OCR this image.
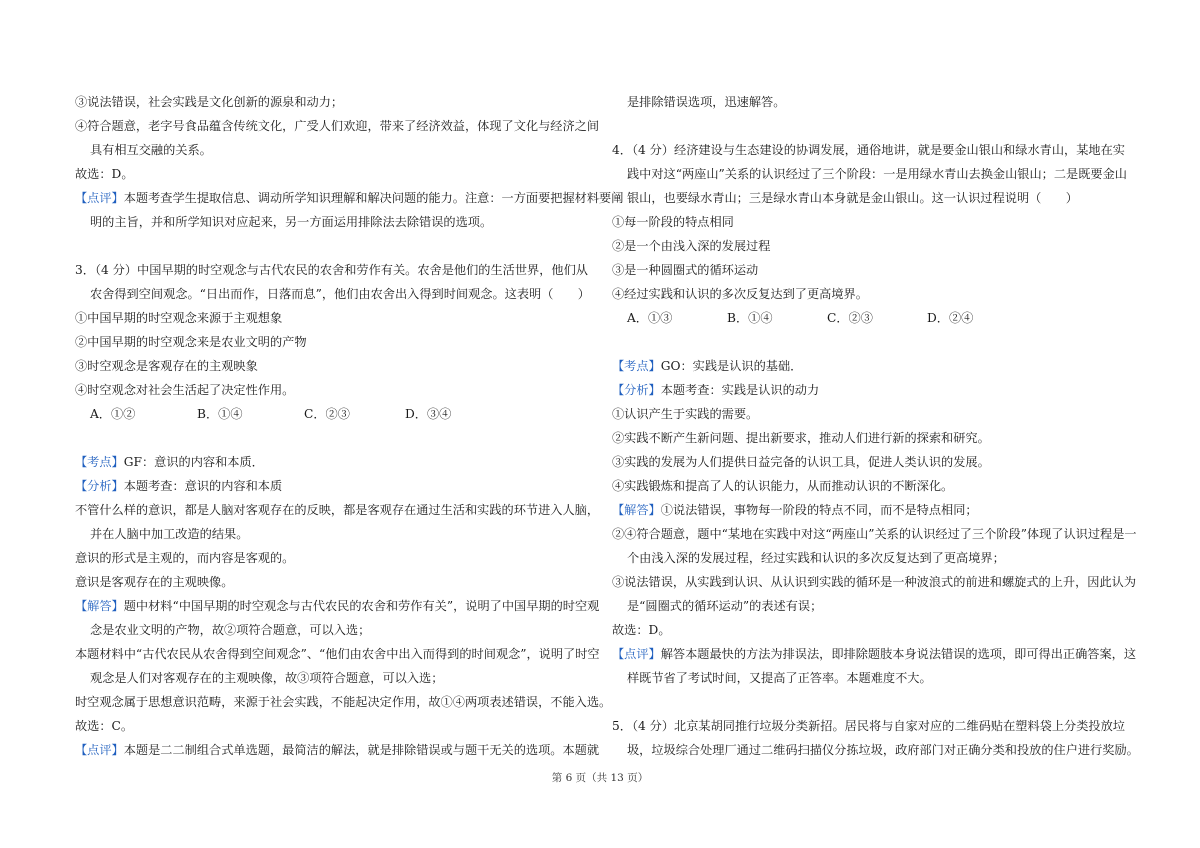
③说法错误，社会实践是文化创新的源泉和动力；
④符合题意，老字号食品蕴含传统文化，广受人们欢迎，带来了经济效益，体现了文化与经济之间
具有相互交融的关系。
故选：D。
【点评】本题考查学生提取信息、调动所学知识理解和解决问题的能力。注意：一方面要把握材料要阐
明的主旨，并和所学知识对应起来，另一方面运用排除法去除错误的选项。
3．（4 分）中国早期的时空观念与古代农民的农舍和劳作有关。农舍是他们的生活世界，他们从
农舍得到空间观念。“日出而作，日落而息”，他们由农舍出入得到时间观念。这表明（　　）
①中国早期的时空观念来源于主观想象
②中国早期的时空观念来是农业文明的产物
③时空观念是客观存在的主观映象
④时空观念对社会生活起了决定性作用。
A．①②	B．①④	C．②③	D．③④
【考点】GF：意识的内容和本质．
【分析】本题考查：意识的内容和本质
不管什么样的意识，都是人脑对客观存在的反映，都是客观存在通过生活和实践的环节进入人脑，
并在人脑中加工改造的结果。
意识的形式是主观的，而内容是客观的。
意识是客观存在的主观映像。
【解答】题中材料“中国早期的时空观念与古代农民的农舍和劳作有关”，说明了中国早期的时空观
念是农业文明的产物，故②项符合题意，可以入选；
本题材料中“古代农民从农舍得到空间观念”、“他们由农舍中出入而得到的时间观念”，说明了时空
观念是人们对客观存在的主观映像，故③项符合题意，可以入选；
时空观念属于思想意识范畴，来源于社会实践，不能起决定作用，故①④两项表述错误，不能入选。
故选：C。
【点评】本题是二二制组合式单选题，最简洁的解法，就是排除错误或与题干无关的选项。本题就
是排除错误选项，迅速解答。
4．（4 分）经济建设与生态建设的协调发展，通俗地讲，就是要金山银山和绿水青山，某地在实
践中对这“两座山”关系的认识经过了三个阶段：一是用绿水青山去换金山银山；二是既要金山
银山，也要绿水青山；三是绿水青山本身就是金山银山。这一认识过程说明（　　）
①每一阶段的特点相同
②是一个由浅入深的发展过程
③是一种圆圈式的循环运动
④经过实践和认识的多次反复达到了更高境界。
A．①③	B．①④	C．②③	D．②④
【考点】GO：实践是认识的基础．
【分析】本题考查：实践是认识的动力
①认识产生于实践的需要。
②实践不断产生新问题、提出新要求，推动人们进行新的探索和研究。
③实践的发展为人们提供日益完备的认识工具，促进人类认识的发展。
④实践锻炼和提高了人的认识能力，从而推动认识的不断深化。
【解答】①说法错误，事物每一阶段的特点不同，而不是特点相同；
②④符合题意，题中“某地在实践中对这“两座山”关系的认识经过了三个阶段”体现了认识过程是一
个由浅入深的发展过程，经过实践和认识的多次反复达到了更高境界；
③说法错误，从实践到认识、从认识到实践的循环是一种波浪式的前进和螺旋式的上升，因此认为
是“圆圈式的循环运动”的表述有误；
故选：D。
【点评】解答本题最快的方法为排误法，即排除题肢本身说法错误的选项，即可得出正确答案，这
样既节省了考试时间，又提高了正答率。本题难度不大。
5．（4 分）北京某胡同推行垃圾分类新招。居民将与自家对应的二维码贴在塑料袋上分类投放垃
圾，垃圾综合处理厂通过二维码扫描仪分拣垃圾，政府部门对正确分类和投放的住户进行奖励。
第 6 页（共 13 页）
